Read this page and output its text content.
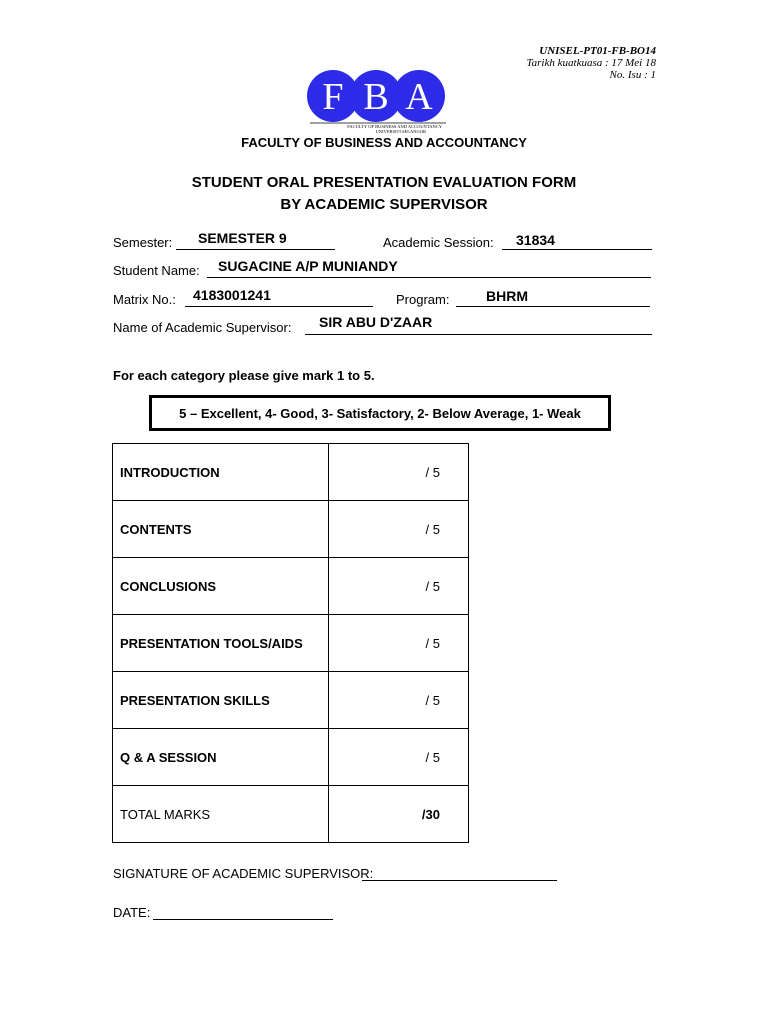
UNISEL-PT01-FB-BO14
Tarikh kuatkuasa : 17 Mei 18
No. Isu : 1
F B A
FACULTY OF BUSINESS AND ACCOUNTANCY
UNIVERSITI SELANGOR
FACULTY OF BUSINESS AND ACCOUNTANCY
STUDENT ORAL PRESENTATION EVALUATION FORM
BY ACADEMIC SUPERVISOR
Semester: SEMESTER 9	Academic Session: 31834
Student Name: SUGACINE A/P MUNIANDY
Matrix No.: 4183001241	Program:	BHRM
Name of Academic Supervisor: SIR ABU D'ZAAR
For each category please give mark 1 to 5.
5 – Excellent, 4- Good, 3- Satisfactory, 2- Below Average, 1- Weak
INTRODUCTION	/ 5
CONTENTS	/ 5
CONCLUSIONS	/ 5
PRESENTATION TOOLS/AIDS	/ 5
PRESENTATION SKILLS	/ 5
Q & A SESSION	/ 5
TOTAL MARKS	/30
SIGNATURE OF ACADEMIC SUPERVISOR:
DATE:
